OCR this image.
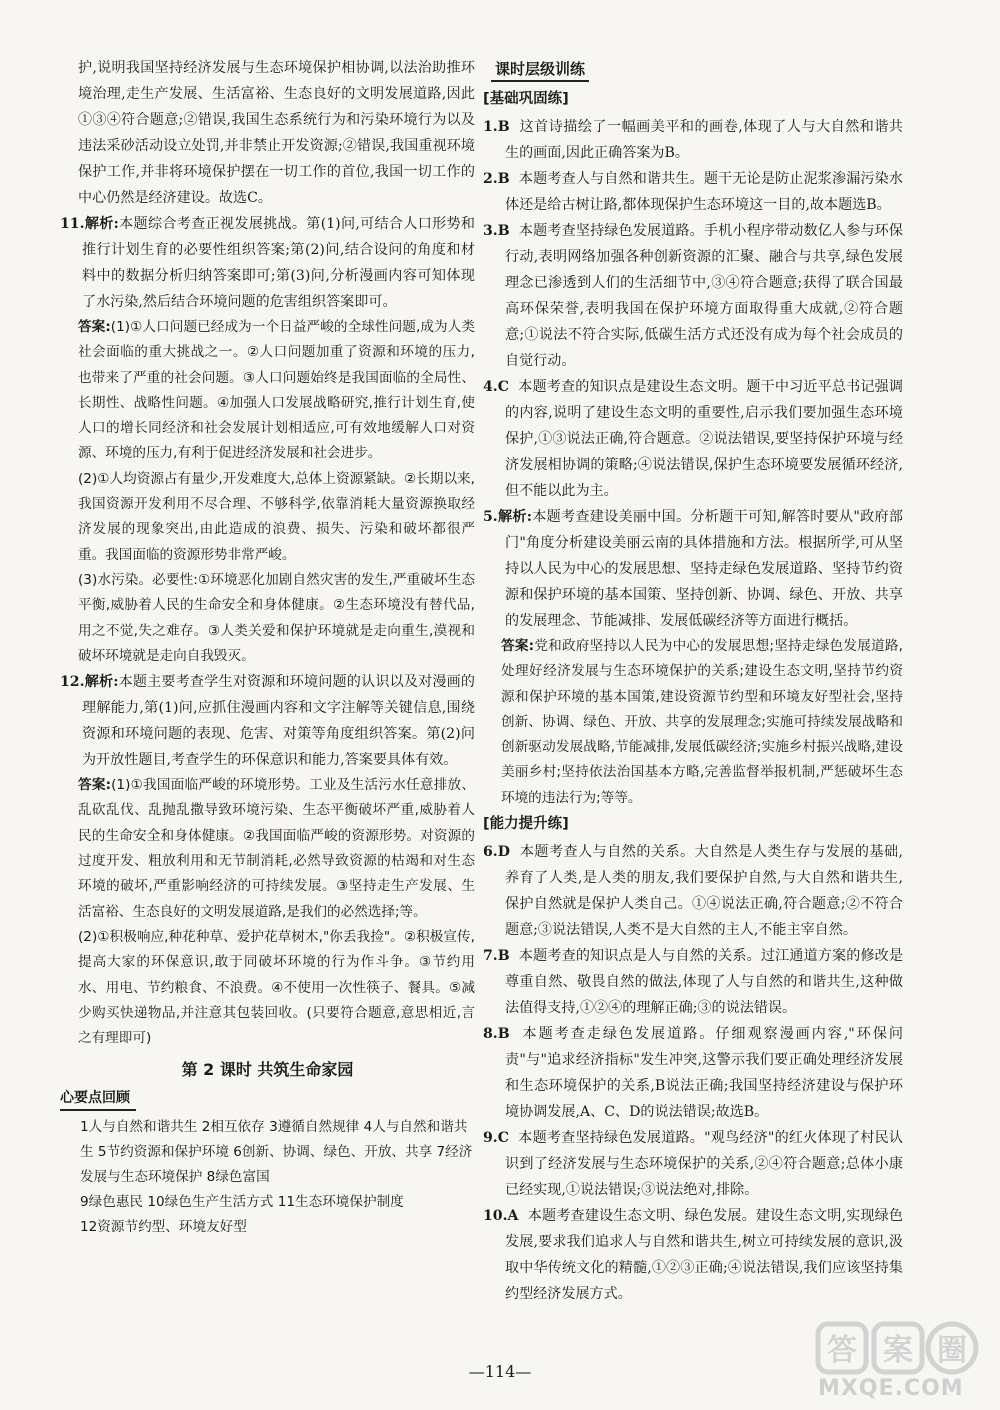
护,说明我国坚持经济发展与生态环境保护相协调,以法治助推环境治理,走生产发展、生活富裕、生态良好的文明发展道路,因此①③④符合题意;②错误,我国生态系统行为和污染环境行为以及违法采砂活动设立处罚,并非禁止开发资源;②错误,我国重视环境保护工作,并非将环境保护摆在一切工作的首位,我国一切工作的中心仍然是经济建设。故选C。

11.解析:本题综合考查正视发展挑战。第(1)问,可结合人口形势和推行计划生育的必要性组织答案;第(2)问,结合设问的角度和材料中的数据分析归纳答案即可;第(3)问,分析漫画内容可知体现了水污染,然后结合环境问题的危害组织答案即可。

答案:(1)①人口问题已经成为一个日益严峻的全球性问题,成为人类社会面临的重大挑战之一。②人口问题加重了资源和环境的压力,也带来了严重的社会问题。③人口问题始终是我国面临的全局性、长期性、战略性问题。④加强人口发展战略研究,推行计划生育,使人口的增长同经济和社会发展计划相适应,可有效地缓解人口对资源、环境的压力,有利于促进经济发展和社会进步。

(2)①人均资源占有量少,开发难度大,总体上资源紧缺。②长期以来,我国资源开发利用不尽合理、不够科学,依靠消耗大量资源换取经济发展的现象突出,由此造成的浪费、损失、污染和破坏都很严重。我国面临的资源形势非常严峻。

(3)水污染。必要性:①环境恶化加剧自然灾害的发生,严重破坏生态平衡,威胁着人民的生命安全和身体健康。②生态环境没有替代品,用之不觉,失之难存。③人类关爱和保护环境就是走向重生,漠视和破坏环境就是走向自我毁灭。

12.解析:本题主要考查学生对资源和环境问题的认识以及对漫画的理解能力,第(1)问,应抓住漫画内容和文字注解等关键信息,围绕资源和环境问题的表现、危害、对策等角度组织答案。第(2)问为开放性题目,考查学生的环保意识和能力,答案要具体有效。

答案:(1)①我国面临严峻的环境形势。工业及生活污水任意排放、乱砍乱伐、乱抛乱撒导致环境污染、生态平衡破坏严重,威胁着人民的生命安全和身体健康。②我国面临严峻的资源形势。对资源的过度开发、粗放利用和无节制消耗,必然导致资源的枯竭和对生态环境的破坏,严重影响经济的可持续发展。③坚持走生产发展、生活富裕、生态良好的文明发展道路,是我们的必然选择;等。

(2)①积极响应,种花种草、爱护花草树木,"你丢我捡"。②积极宣传,提高大家的环保意识,敢于同破坏环境的行为作斗争。③节约用水、用电、节约粮食、不浪费。④不使用一次性筷子、餐具。⑤减少购买快递物品,并注意其包装回收。(只要符合题意,意思相近,言之有理即可)

第 2 课时 共筑生命家园

心要点回顾

1人与自然和谐共生 2相互依存 3遵循自然规律 4人与自然和谐共生 5节约资源和保护环境 6创新、协调、绿色、开放、共享 7经济发展与生态环境保护 8绿色富国

9绿色惠民 10绿色生产生活方式 11生态环境保护制度

12资源节约型、环境友好型

课时层级训练
[基础巩固练]

1.B 这首诗描绘了一幅画美平和的画卷,体现了人与大自然和谐共生的画面,因此正确答案为B。

2.B 本题考查人与自然和谐共生。题干无论是防止泥浆渗漏污染水体还是给古树让路,都体现保护生态环境这一目的,故本题选B。

3.B 本题考查坚持绿色发展道路。手机小程序带动数亿人参与环保行动,表明网络加强各种创新资源的汇聚、融合与共享,绿色发展理念已渗透到人们的生活细节中,③④符合题意;获得了联合国最高环保荣誉,表明我国在保护环境方面取得重大成就,②符合题意;①说法不符合实际,低碳生活方式还没有成为每个社会成员的自觉行动。

4.C 本题考查的知识点是建设生态文明。题干中习近平总书记强调的内容,说明了建设生态文明的重要性,启示我们要加强生态环境保护,①③说法正确,符合题意。②说法错误,要坚持保护环境与经济发展相协调的策略;④说法错误,保护生态环境要发展循环经济,但不能以此为主。

5.解析:本题考查建设美丽中国。分析题干可知,解答时要从"政府部门"角度分析建设美丽云南的具体措施和方法。根据所学,可从坚持以人民为中心的发展思想、坚持走绿色发展道路、坚持节约资源和保护环境的基本国策、坚持创新、协调、绿色、开放、共享的发展理念、节能减排、发展低碳经济等方面进行概括。

答案:党和政府坚持以人民为中心的发展思想;坚持走绿色发展道路,处理好经济发展与生态环境保护的关系;建设生态文明,坚持节约资源和保护环境的基本国策,建设资源节约型和环境友好型社会,坚持创新、协调、绿色、开放、共享的发展理念;实施可持续发展战略和创新驱动发展战略,节能减排,发展低碳经济;实施乡村振兴战略,建设美丽乡村;坚持依法治国基本方略,完善监督举报机制,严惩破坏生态环境的违法行为;等等。

[能力提升练]

6.D 本题考查人与自然的关系。大自然是人类生存与发展的基础,养育了人类,是人类的朋友,我们要保护自然,与大自然和谐共生,保护自然就是保护人类自己。①④说法正确,符合题意;②不符合题意;③说法错误,人类不是大自然的主人,不能主宰自然。

7.B 本题考查的知识点是人与自然的关系。过江通道方案的修改是尊重自然、敬畏自然的做法,体现了人与自然的和谐共生,这种做法值得支持,①②④的理解正确;③的说法错误。

8.B 本题考查走绿色发展道路。仔细观察漫画内容,"环保问责"与"追求经济指标"发生冲突,这警示我们要正确处理经济发展和生态环境保护的关系,B说法正确;我国坚持经济建设与保护环境协调发展,A、C、D的说法错误;故选B。

9.C 本题考查坚持绿色发展道路。"观鸟经济"的红火体现了村民认识到了经济发展与生态环境保护的关系,②④符合题意;总体小康已经实现,①说法错误;③说法绝对,排除。

10.A 本题考查建设生态文明、绿色发展。建设生态文明,实现绿色发展,要求我们追求人与自然和谐共生,树立可持续发展的意识,汲取中华传统文化的精髓,①②③正确;④说法错误,我们应该坚持集约型经济发展方式。

—114—
答 案 圈
MXQE.COM
